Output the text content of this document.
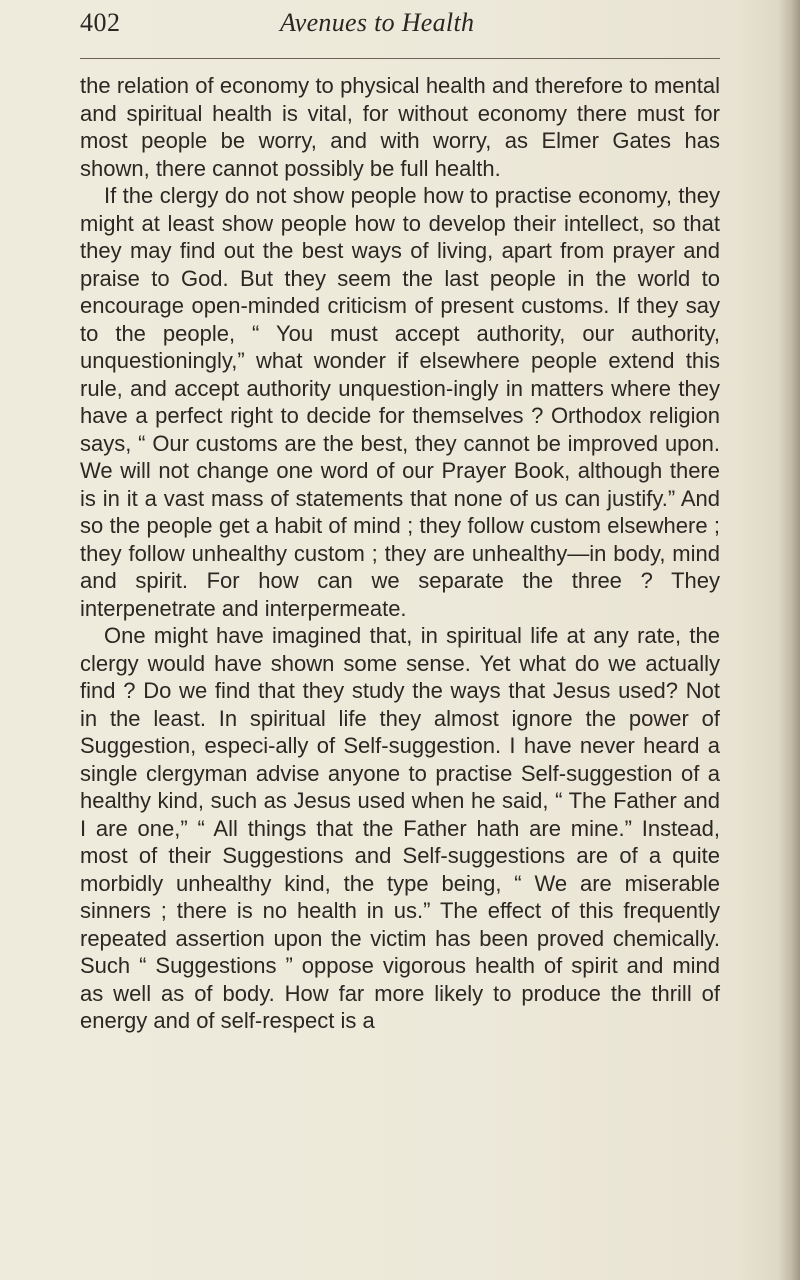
402	Avenues to Health

the relation of economy to physical health and therefore to mental and spiritual health is vital, for without economy there must for most people be worry, and with worry, as Elmer Gates has shown, there cannot possibly be full health.

If the clergy do not show people how to practise economy, they might at least show people how to develop their intellect, so that they may find out the best ways of living, apart from prayer and praise to God. But they seem the last people in the world to encourage open-minded criticism of present customs. If they say to the people, “ You must accept authority, our authority, unquestioningly,” what wonder if elsewhere people extend this rule, and accept authority unquestion-ingly in matters where they have a perfect right to decide for themselves ? Orthodox religion says, “ Our customs are the best, they cannot be improved upon. We will not change one word of our Prayer Book, although there is in it a vast mass of statements that none of us can justify.” And so the people get a habit of mind ; they follow custom elsewhere ; they follow unhealthy custom ; they are unhealthy—in body, mind and spirit. For how can we separate the three ? They interpenetrate and interpermeate.

One might have imagined that, in spiritual life at any rate, the clergy would have shown some sense. Yet what do we actually find ? Do we find that they study the ways that Jesus used? Not in the least. In spiritual life they almost ignore the power of Suggestion, especi-ally of Self-suggestion. I have never heard a single clergyman advise anyone to practise Self-suggestion of a healthy kind, such as Jesus used when he said, “ The Father and I are one,” “ All things that the Father hath are mine.” Instead, most of their Suggestions and Self-suggestions are of a quite morbidly unhealthy kind, the type being, “ We are miserable sinners ; there is no health in us.” The effect of this frequently repeated assertion upon the victim has been proved chemically. Such “ Suggestions ” oppose vigorous health of spirit and mind as well as of body. How far more likely to produce the thrill of energy and of self-respect is a
